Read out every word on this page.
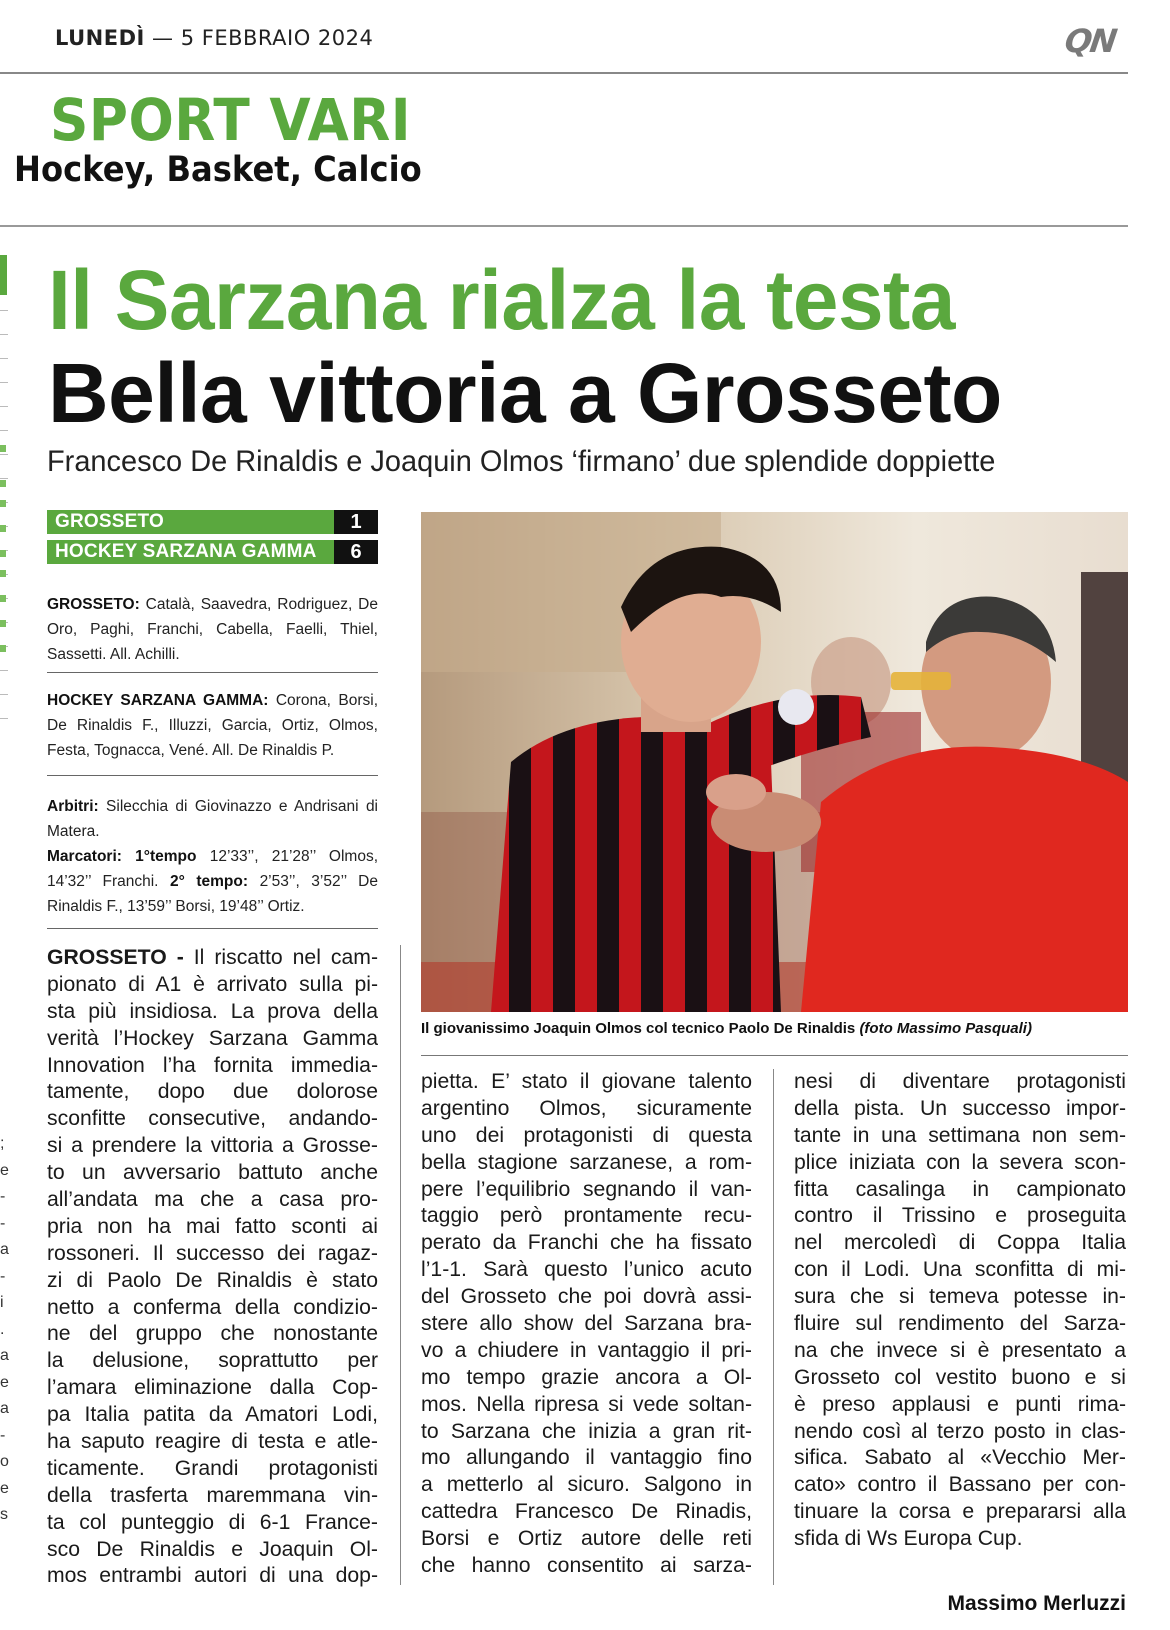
LUNEDÌ — 5 FEBBRAIO 2024	QN
SPORT VARI
Hockey, Basket, Calcio
;
e
-
-
a
-
i
.
a
e
a
-
o
e
s
Il Sarzana rialza la testa
Bella vittoria a Grosseto
Francesco De Rinaldis e Joaquin Olmos ‘firmano’ due splendide doppiette
GROSSETO	1
HOCKEY SARZANA GAMMA	6
GROSSETO: Català, Saavedra, Rodriguez, De Oro, Paghi, Franchi, Cabella, Faelli, Thiel, Sassetti. All. Achilli.
HOCKEY SARZANA GAMMA: Corona, Borsi, De Rinaldis F., Illuzzi, Garcia, Ortiz, Olmos, Festa, Tognacca, Vené. All. De Rinaldis P.
Arbitri: Silecchia di Giovinazzo e Andrisani di Matera.
Marcatori: 1°tempo 12’33’’, 21’28’’ Olmos, 14’32’’ Franchi. 2° tempo: 2’53’’, 3’52’’ De Rinaldis F., 13’59’’ Borsi, 19’48’’ Ortiz.
Il giovanissimo Joaquin Olmos col tecnico Paolo De Rinaldis (foto Massimo Pasquali)
GROSSETO - Il riscatto nel cam-
pionato di A1 è arrivato sulla pi-
sta più insidiosa. La prova della
verità l’Hockey Sarzana Gamma
Innovation l’ha fornita immedia-
tamente, dopo due dolorose
sconfitte consecutive, andando-
si a prendere la vittoria a Grosse-
to un avversario battuto anche
all’andata ma che a casa pro-
pria non ha mai fatto sconti ai
rossoneri. Il successo dei ragaz-
zi di Paolo De Rinaldis è stato
netto a conferma della condizio-
ne del gruppo che nonostante
la delusione, soprattutto per
l’amara eliminazione dalla Cop-
pa Italia patita da Amatori Lodi,
ha saputo reagire di testa e atle-
ticamente. Grandi protagonisti
della trasferta maremmana vin-
ta col punteggio di 6-1 France-
sco De Rinaldis e Joaquin Ol-
mos entrambi autori di una dop-
pietta. E’ stato il giovane talento
argentino Olmos, sicuramente
uno dei protagonisti di questa
bella stagione sarzanese, a rom-
pere l’equilibrio segnando il van-
taggio però prontamente recu-
perato da Franchi che ha fissato
l’1-1. Sarà questo l’unico acuto
del Grosseto che poi dovrà assi-
stere allo show del Sarzana bra-
vo a chiudere in vantaggio il pri-
mo tempo grazie ancora a Ol-
mos. Nella ripresa si vede soltan-
to Sarzana che inizia a gran rit-
mo allungando il vantaggio fino
a metterlo al sicuro. Salgono in
cattedra Francesco De Rinadis,
Borsi e Ortiz autore delle reti
che hanno consentito ai sarza-
nesi di diventare protagonisti
della pista. Un successo impor-
tante in una settimana non sem-
plice iniziata con la severa scon-
fitta casalinga in campionato
contro il Trissino e proseguita
nel mercoledì di Coppa Italia
con il Lodi. Una sconfitta di mi-
sura che si temeva potesse in-
fluire sul rendimento del Sarza-
na che invece si è presentato a
Grosseto col vestito buono e si
è preso applausi e punti rima-
nendo così al terzo posto in clas-
sifica. Sabato al «Vecchio Mer-
cato» contro il Bassano per con-
tinuare la corsa e prepararsi alla
sfida di Ws Europa Cup.
Massimo Merluzzi
